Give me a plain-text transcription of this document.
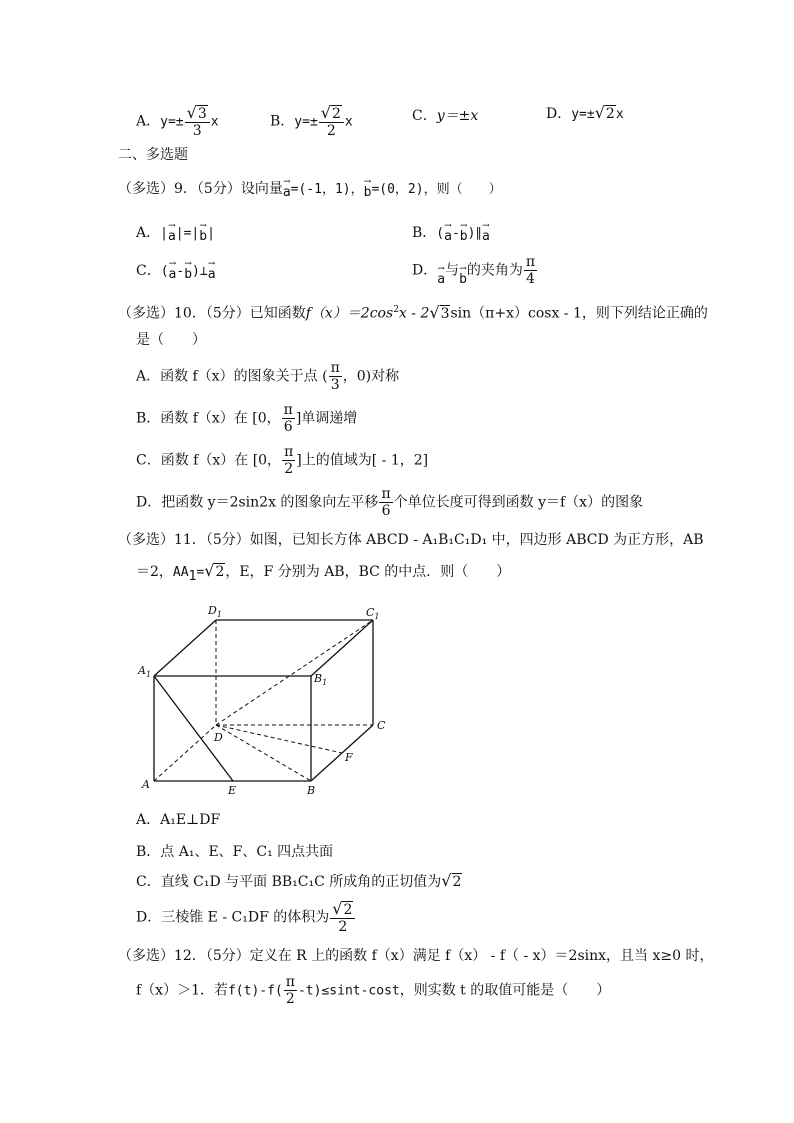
A．$y=\pm \frac{√ 3}{3}$ x	B．$y=\pm \frac{√ 2}{2}$ x	C．y＝±x	D．y=± √ 2 x
二、多选题
（多选）9．（5分）设向量 →
a =(-1，1)， →
b =(0，2)，则（　　）
A．| →
a |=| →
b |	B．( →
a - →
b )∥ →
a
C．( →
a - →
b )⊥ →
a	D． →
a
与 →
b
的夹角为 $\frac{\pi}{4}$
（多选）10．（5分）已知函数$f(x)=2\cos^2x - 2$ √ 3 sin（π+x）cosx - 1，则下列结论正确的
是（　　）
A．函数 f（x）的图象关于点 ( $\frac{\pi}{3}$ ，0)对称
B．函数 f（x）在 [0， $\frac{\pi}{6}$ ]单调递增
C．函数 f（x）在 [0， $\frac{\pi}{2}$ ]上的值域为[ - 1，2]
D．把函数 y＝2sin2x 的图象向左平移 $\frac{\pi}{6}$ 个单位长度可得到函数 y＝f（x）的图象
（多选）11．（5分）如图，已知长方体 ABCD - A₁B₁C₁D₁ 中，四边形 ABCD 为正方形，AB
＝2，$AA_1=$ √ 2 ，E，F 分别为 AB，BC 的中点．则（　　）
$D_1$	$C_1$
$A_1$	$B_1$
D
C
F
A	E	B
A．A₁E⊥DF
B．点 A₁、E、F、C₁ 四点共面
C．直线 C₁D 与平面 BB₁C₁C 所成角的正切值为 √ 2
D．三棱锥 E - C₁DF 的体积为 $\frac{√ 2}{2}$
（多选）12．（5分）定义在 R 上的函数 f（x）满足 f（x） - f（ - x）＝2sinx，且当 x≥0 时，
f（x）＞1．若$f(t)-f( \frac{\pi}{2} -t)\le\sin t-\cos t$，则实数 t 的取值可能是（　　）
